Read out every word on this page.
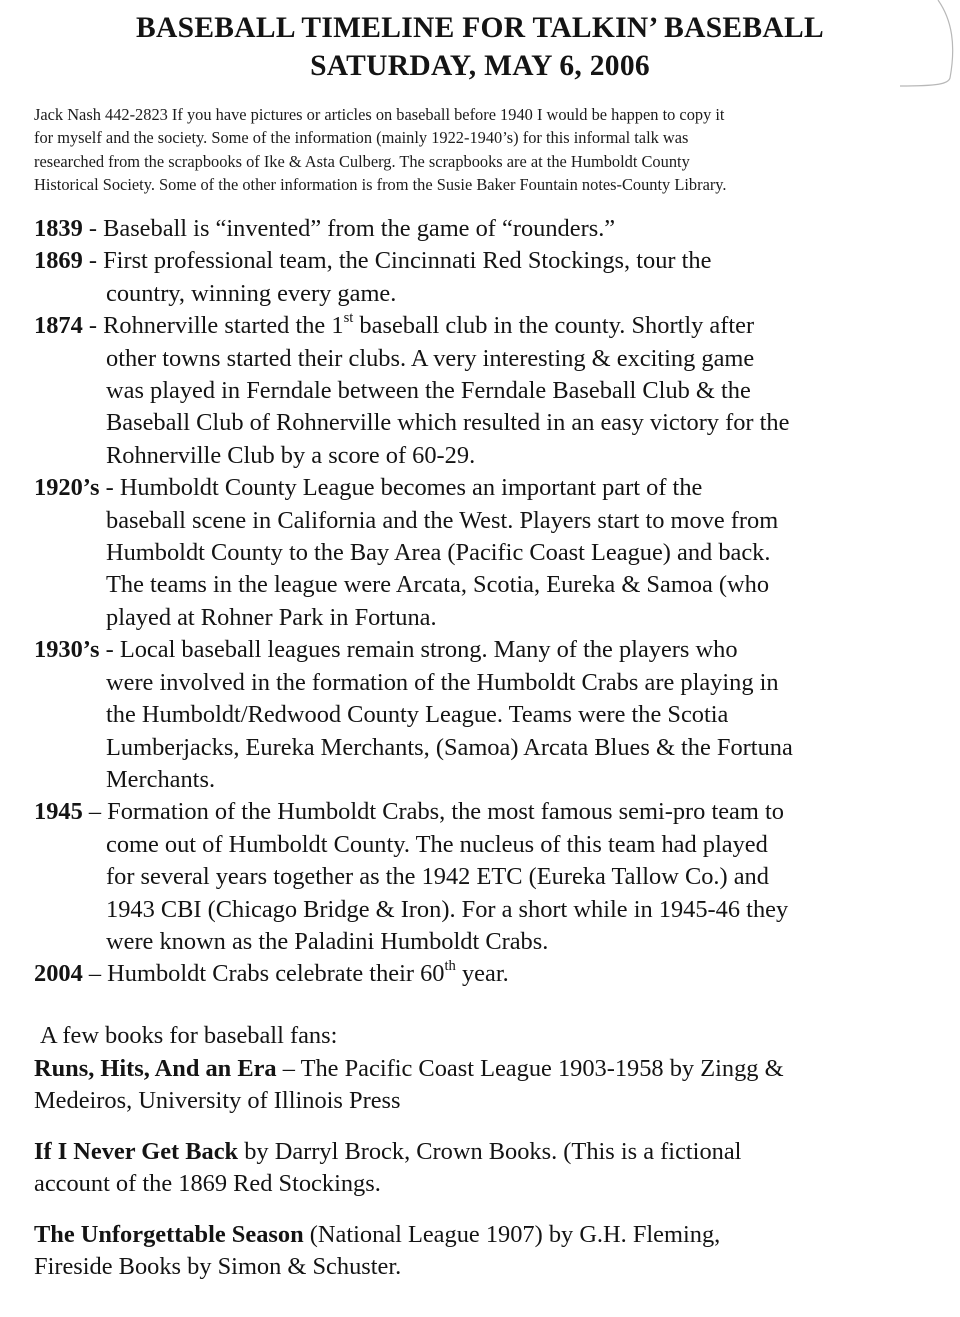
BASEBALL TIMELINE FOR TALKIN’ BASEBALL
SATURDAY, MAY 6, 2006
Jack Nash 442-2823 If you have pictures or articles on baseball before 1940 I would be happen to copy it
for myself and the society. Some of the information (mainly 1922-1940’s) for this informal talk was
researched from the scrapbooks of Ike & Asta Culberg. The scrapbooks are at the Humboldt County
Historical Society. Some of the other information is from the Susie Baker Fountain notes-County Library.
1839 - Baseball is “invented” from the game of “rounders.”
1869 - First professional team, the Cincinnati Red Stockings, tour the
country, winning every game.
1874 - Rohnerville started the 1st baseball club in the county. Shortly after
other towns started their clubs. A very interesting & exciting game
was played in Ferndale between the Ferndale Baseball Club & the
Baseball Club of Rohnerville which resulted in an easy victory for the
Rohnerville Club by a score of 60-29.
1920’s - Humboldt County League becomes an important part of the
baseball scene in California and the West. Players start to move from
Humboldt County to the Bay Area (Pacific Coast League) and back.
The teams in the league were Arcata, Scotia, Eureka & Samoa (who
played at Rohner Park in Fortuna.
1930’s - Local baseball leagues remain strong. Many of the players who
were involved in the formation of the Humboldt Crabs are playing in
the Humboldt/Redwood County League. Teams were the Scotia
Lumberjacks, Eureka Merchants, (Samoa) Arcata Blues & the Fortuna
Merchants.
1945 – Formation of the Humboldt Crabs, the most famous semi-pro team to
come out of Humboldt County. The nucleus of this team had played
for several years together as the 1942 ETC (Eureka Tallow Co.) and
1943 CBI (Chicago Bridge & Iron). For a short while in 1945-46 they
were known as the Paladini Humboldt Crabs.
2004 – Humboldt Crabs celebrate their 60th year.
A few books for baseball fans:
Runs, Hits, And an Era – The Pacific Coast League 1903-1958 by Zingg &
Medeiros, University of Illinois Press
If I Never Get Back by Darryl Brock, Crown Books. (This is a fictional
account of the 1869 Red Stockings.
The Unforgettable Season (National League 1907) by G.H. Fleming,
Fireside Books by Simon & Schuster.
